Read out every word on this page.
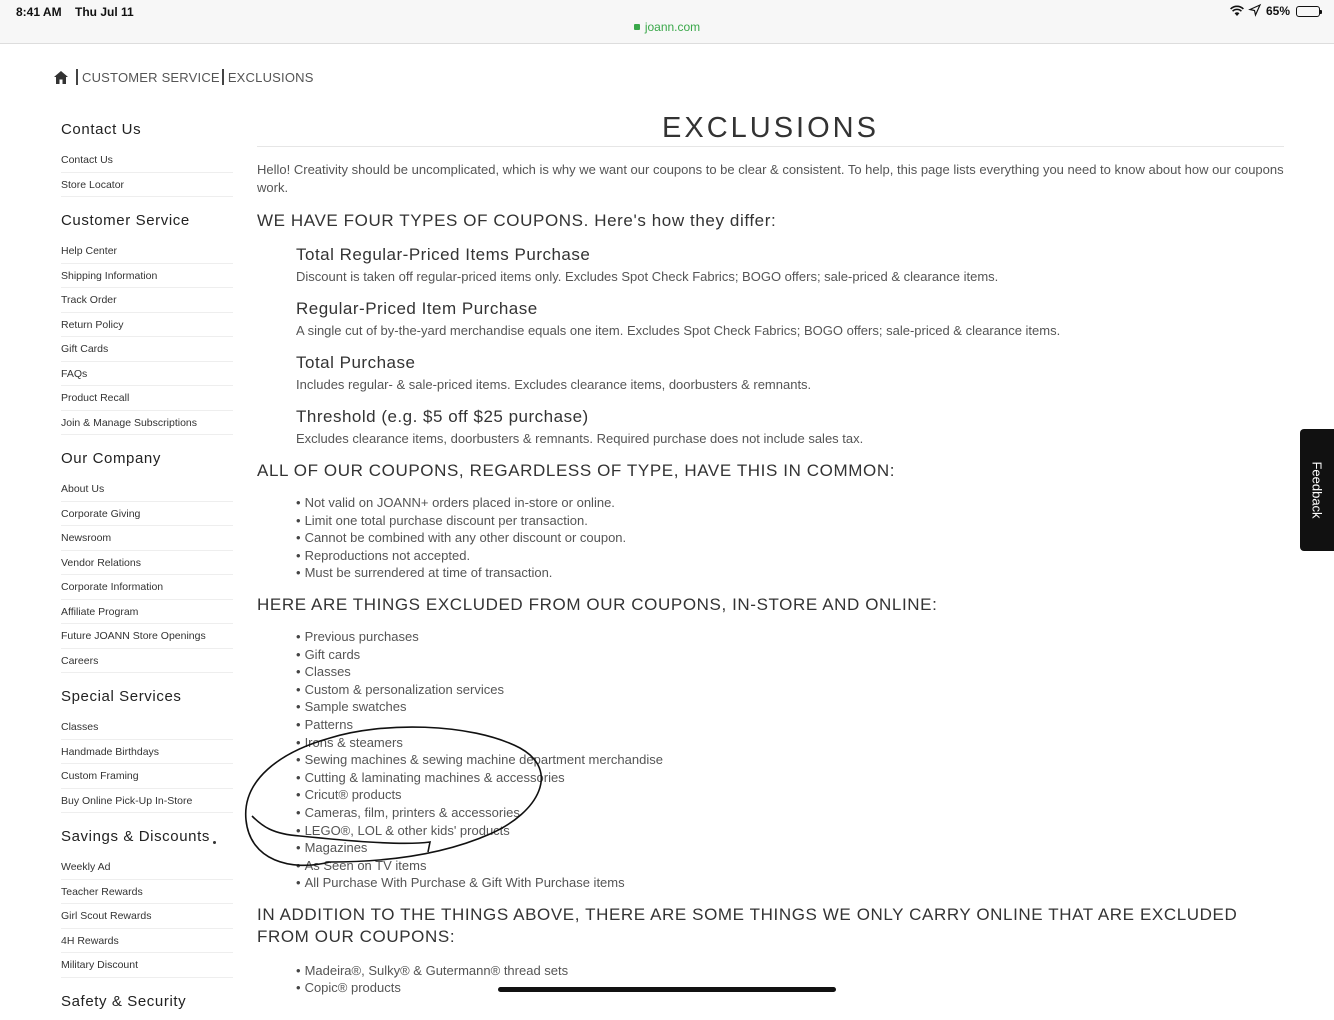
8:41 AM Thu Jul 11
joann.com
65%
CUSTOMER SERVICE EXCLUSIONS
Contact Us
Contact Us
Store Locator
Customer Service
Help Center
Shipping Information
Track Order
Return Policy
Gift Cards
FAQs
Product Recall
Join & Manage Subscriptions
Our Company
About Us
Corporate Giving
Newsroom
Vendor Relations
Corporate Information
Affiliate Program
Future JOANN Store Openings
Careers
Special Services
Classes
Handmade Birthdays
Custom Framing
Buy Online Pick-Up In-Store
Savings & Discounts
Weekly Ad
Teacher Rewards
Girl Scout Rewards
4H Rewards
Military Discount
Safety & Security
EXCLUSIONS

Hello! Creativity should be uncomplicated, which is why we want our coupons to be clear & consistent. To help, this page lists everything you need to know about how our coupons work.

WE HAVE FOUR TYPES OF COUPONS. Here's how they differ:
Total Regular-Priced Items Purchase
Discount is taken off regular-priced items only. Excludes Spot Check Fabrics; BOGO offers; sale-priced & clearance items.
Regular-Priced Item Purchase
A single cut of by-the-yard merchandise equals one item. Excludes Spot Check Fabrics; BOGO offers; sale-priced & clearance items.
Total Purchase
Includes regular- & sale-priced items. Excludes clearance items, doorbusters & remnants.
Threshold (e.g. $5 off $25 purchase)
Excludes clearance items, doorbusters & remnants. Required purchase does not include sales tax.
ALL OF OUR COUPONS, REGARDLESS OF TYPE, HAVE THIS IN COMMON:
• Not valid on JOANN+ orders placed in-store or online.
• Limit one total purchase discount per transaction.
• Cannot be combined with any other discount or coupon.
• Reproductions not accepted.
• Must be surrendered at time of transaction.
HERE ARE THINGS EXCLUDED FROM OUR COUPONS, IN-STORE AND ONLINE:
• Previous purchases
• Gift cards
• Classes
• Custom & personalization services
• Sample swatches
• Patterns
• Irons & steamers
• Sewing machines & sewing machine department merchandise
• Cutting & laminating machines & accessories
• Cricut® products
• Cameras, film, printers & accessories
• LEGO®, LOL & other kids' products
• Magazines
• As Seen on TV items
• All Purchase With Purchase & Gift With Purchase items
IN ADDITION TO THE THINGS ABOVE, THERE ARE SOME THINGS WE ONLY CARRY ONLINE THAT ARE EXCLUDED FROM OUR COUPONS:
• Madeira®, Sulky® & Gutermann® thread sets
• Copic® products
Feedback
